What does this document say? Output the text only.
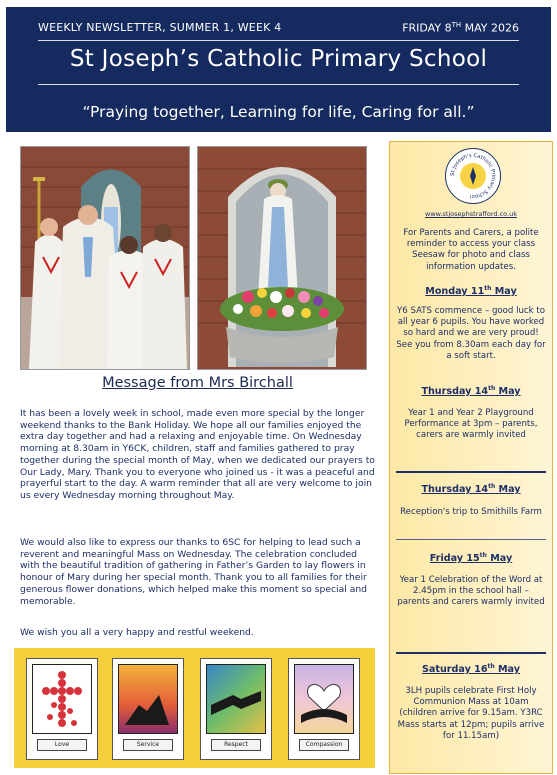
WEEKLY NEWSLETTER, SUMMER 1, WEEK 4	FRIDAY 8TH MAY 2026
St Joseph’s Catholic Primary School
“Praying together, Learning for life, Caring for all.”
Message from Mrs Birchall
It has been a lovely week in school, made even more special by the longer weekend thanks to the Bank Holiday. We hope all our families enjoyed the extra day together and had a relaxing and enjoyable time. On Wednesday morning at 8.30am in Y6CK, children, staff and families gathered to pray together during the special month of May, when we dedicated our prayers to Our Lady, Mary. Thank you to everyone who joined us - it was a peaceful and prayerful start to the day. A warm reminder that all are very welcome to join us every Wednesday morning throughout May.
We would also like to express our thanks to 6SC for helping to lead such a reverent and meaningful Mass on Wednesday. The celebration concluded with the beautiful tradition of gathering in Father’s Garden to lay flowers in honour of Mary during her special month. Thank you to all families for their generous flower donations, which helped make this moment so special and memorable.
We wish you all a very happy and restful weekend.
Love	Service	Respect	Compassion
St Joseph's Catholic Primary School
www.stjosephstrafford.co.uk
For Parents and Carers, a polite reminder to access your class Seesaw for photo and class information updates.
Monday 11th May
Y6 SATS commence – good luck to all year 6 pupils. You have worked so hard and we are very proud! See you from 8.30am each day for a soft start.
Thursday 14th May
Year 1 and Year 2 Playground Performance at 3pm – parents, carers are warmly invited
Thursday 14th May
Reception's trip to Smithills Farm
Friday 15th May
Year 1 Celebration of the Word at 2.45pm in the school hall – parents and carers warmly invited
Saturday 16th May
3LH pupils celebrate First Holy Communion Mass at 10am (children arrive for 9.15am. Y3RC Mass starts at 12pm; pupils arrive for 11.15am)
